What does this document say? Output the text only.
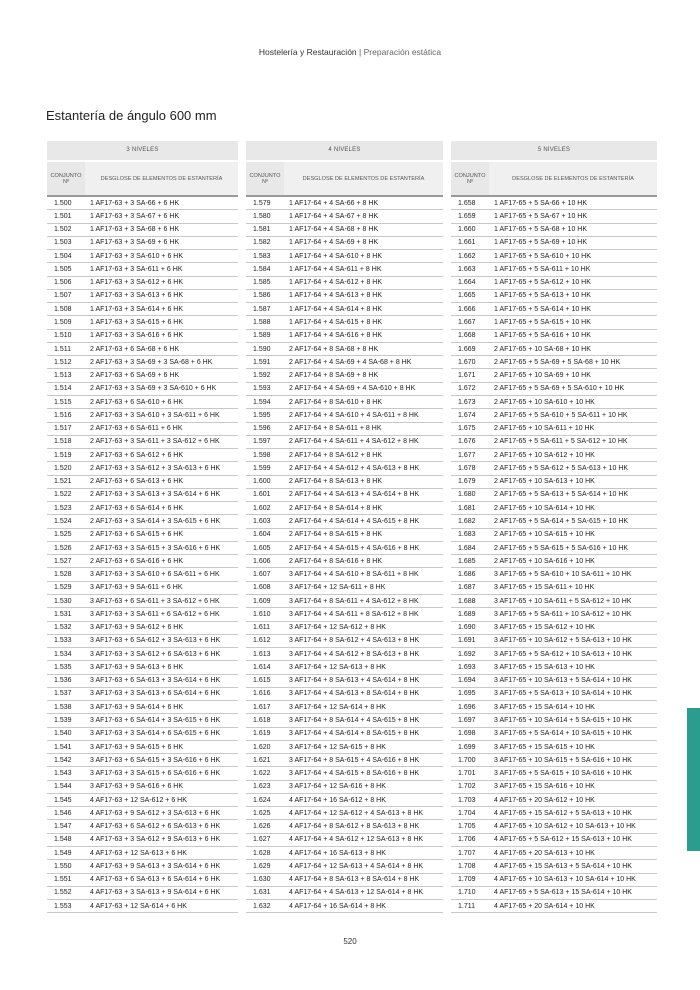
Hostelería y Restauración | Preparación estática
Estantería de ángulo 600 mm
3 NIVELES
CONJUNTO Nº	DESGLOSE DE ELEMENTOS DE ESTANTERÍA
1.500	1 AF17-63 + 3 SA-66 + 6 HK
1.501	1 AF17-63 + 3 SA-67 + 6 HK
1.502	1 AF17-63 + 3 SA-68 + 6 HK
1.503	1 AF17-63 + 3 SA-69 + 6 HK
1.504	1 AF17-63 + 3 SA-610 + 6 HK
1.505	1 AF17-63 + 3 SA-611 + 6 HK
1.506	1 AF17-63 + 3 SA-612 + 6 HK
1.507	1 AF17-63 + 3 SA-613 + 6 HK
1.508	1 AF17-63 + 3 SA-614 + 6 HK
1.509	1 AF17-63 + 3 SA-615 + 6 HK
1.510	1 AF17-63 + 3 SA-616 + 6 HK
1.511	2 AF17-63 + 6 SA-68 + 6 HK
1.512	2 AF17-63 + 3 SA-69 + 3 SA-68 + 6 HK
1.513	2 AF17-63 + 6 SA-69 + 6 HK
1.514	2 AF17-63 + 3 SA-69 + 3 SA-610 + 6 HK
1.515	2 AF17-63 + 6 SA-610 + 6 HK
1.516	2 AF17-63 + 3 SA-610 + 3 SA-611 + 6 HK
1.517	2 AF17-63 + 6 SA-611 + 6 HK
1.518	2 AF17-63 + 3 SA-611 + 3 SA-612 + 6 HK
1.519	2 AF17-63 + 6 SA-612 + 6 HK
1.520	2 AF17-63 + 3 SA-612 + 3 SA-613 + 6 HK
1.521	2 AF17-63 + 6 SA-613 + 6 HK
1.522	2 AF17-63 + 3 SA-613 + 3 SA-614 + 6 HK
1.523	2 AF17-63 + 6 SA-614 + 6 HK
1.524	2 AF17-63 + 3 SA-614 + 3 SA-615 + 6 HK
1.525	2 AF17-63 + 6 SA-615 + 6 HK
1.526	2 AF17-63 + 3 SA-615 + 3 SA-616 + 6 HK
1.527	2 AF17-63 + 6 SA-616 + 6 HK
1.528	3 AF17-63 + 3 SA-610 + 6 SA-611 + 6 HK
1.529	3 AF17-63 + 9 SA-611 + 6 HK
1.530	3 AF17-63 + 6 SA-611 + 3 SA-612 + 6 HK
1.531	3 AF17-63 + 3 SA-611 + 6 SA-612 + 6 HK
1.532	3 AF17-63 + 9 SA-612 + 6 HK
1.533	3 AF17-63 + 6 SA-612 + 3 SA-613 + 6 HK
1.534	3 AF17-63 + 3 SA-612 + 6 SA-613 + 6 HK
1.535	3 AF17-63 + 9 SA-613 + 6 HK
1.536	3 AF17-63 + 6 SA-613 + 3 SA-614 + 6 HK
1.537	3 AF17-63 + 3 SA-613 + 6 SA-614 + 6 HK
1.538	3 AF17-63 + 9 SA-614 + 6 HK
1.539	3 AF17-63 + 6 SA-614 + 3 SA-615 + 6 HK
1.540	3 AF17-63 + 3 SA-614 + 6 SA-615 + 6 HK
1.541	3 AF17-63 + 9 SA-615 + 6 HK
1.542	3 AF17-63 + 6 SA-615 + 3 SA-616 + 6 HK
1.543	3 AF17-63 + 3 SA-615 + 6 SA-616 + 6 HK
1.544	3 AF17-63 + 9 SA-616 + 6 HK
1.545	4 AF17-63 + 12 SA-612 + 6 HK
1.546	4 AF17-63 + 9 SA-612 + 3 SA-613 + 6 HK
1.547	4 AF17-63 + 6 SA-612 + 6 SA-613 + 6 HK
1.548	4 AF17-63 + 3 SA-612 + 9 SA-613 + 6 HK
1.549	4 AF17-63 + 12 SA-613 + 6 HK
1.550	4 AF17-63 + 9 SA-613 + 3 SA-614 + 6 HK
1.551	4 AF17-63 + 6 SA-613 + 6 SA-614 + 6 HK
1.552	4 AF17-63 + 3 SA-613 + 9 SA-614 + 6 HK
1.553	4 AF17-63 + 12 SA-614 + 6 HK
4 NIVELES
CONJUNTO Nº	DESGLOSE DE ELEMENTOS DE ESTANTERÍA
1.579	1 AF17-64 + 4 SA-66 + 8 HK
1.580	1 AF17-64 + 4 SA-67 + 8 HK
1.581	1 AF17-64 + 4 SA-68 + 8 HK
1.582	1 AF17-64 + 4 SA-69 + 8 HK
1.583	1 AF17-64 + 4 SA-610 + 8 HK
1.584	1 AF17-64 + 4 SA-611 + 8 HK
1.585	1 AF17-64 + 4 SA-612 + 8 HK
1.586	1 AF17-64 + 4 SA-613 + 8 HK
1.587	1 AF17-64 + 4 SA-614 + 8 HK
1.588	1 AF17-64 + 4 SA-615 + 8 HK
1.589	1 AF17-64 + 4 SA-616 + 8 HK
1.590	2 AF17-64 + 8 SA-68 + 8 HK
1.591	2 AF17-64 + 4 SA-69 + 4 SA-68 + 8 HK
1.592	2 AF17-64 + 8 SA-69 + 8 HK
1.593	2 AF17-64 + 4 SA-69 + 4 SA-610 + 8 HK
1.594	2 AF17-64 + 8 SA-610 + 8 HK
1.595	2 AF17-64 + 4 SA-610 + 4 SA-611 + 8 HK
1.596	2 AF17-64 + 8 SA-611 + 8 HK
1.597	2 AF17-64 + 4 SA-611 + 4 SA-612 + 8 HK
1.598	2 AF17-64 + 8 SA-612 + 8 HK
1.599	2 AF17-64 + 4 SA-612 + 4 SA-613 + 8 HK
1.600	2 AF17-64 + 8 SA-613 + 8 HK
1.601	2 AF17-64 + 4 SA-613 + 4 SA-614 + 8 HK
1.602	2 AF17-64 + 8 SA-614 + 8 HK
1.603	2 AF17-64 + 4 SA-614 + 4 SA-615 + 8 HK
1.604	2 AF17-64 + 8 SA-615 + 8 HK
1.605	2 AF17-64 + 4 SA-615 + 4 SA-616 + 8 HK
1.606	2 AF17-64 + 8 SA-616 + 8 HK
1.607	3 AF17-64 + 4 SA-610 + 8 SA-611 + 8 HK
1.608	3 AF17-64 + 12 SA-611 + 8 HK
1.609	3 AF17-64 + 8 SA-611 + 4 SA-612 + 8 HK
1.610	3 AF17-64 + 4 SA-611 + 8 SA-612 + 8 HK
1.611	3 AF17-64 + 12 SA-612 + 8 HK
1.612	3 AF17-64 + 8 SA-612 + 4 SA-613 + 8 HK
1.613	3 AF17-64 + 4 SA-612 + 8 SA-613 + 8 HK
1.614	3 AF17-64 + 12 SA-613 + 8 HK
1.615	3 AF17-64 + 8 SA-613 + 4 SA-614 + 8 HK
1.616	3 AF17-64 + 4 SA-613 + 8 SA-614 + 8 HK
1.617	3 AF17-64 + 12 SA-614 + 8 HK
1.618	3 AF17-64 + 8 SA-614 + 4 SA-615 + 8 HK
1.619	3 AF17-64 + 4 SA-614 + 8 SA-615 + 8 HK
1.620	3 AF17-64 + 12 SA-615 + 8 HK
1.621	3 AF17-64 + 8 SA-615 + 4 SA-616 + 8 HK
1.622	3 AF17-64 + 4 SA-615 + 8 SA-616 + 8 HK
1.623	3 AF17-64 + 12 SA-616 + 8 HK
1.624	4 AF17-64 + 16 SA-612 + 8 HK
1.625	4 AF17-64 + 12 SA-612 + 4 SA-613 + 8 HK
1.626	4 AF17-64 + 8 SA-612 + 8 SA-613 + 8 HK
1.627	4 AF17-64 + 4 SA-612 + 12 SA-613 + 8 HK
1.628	4 AF17-64 + 16 SA-613 + 8 HK
1.629	4 AF17-64 + 12 SA-613 + 4 SA-614 + 8 HK
1.630	4 AF17-64 + 8 SA-613 + 8 SA-614 + 8 HK
1.631	4 AF17-64 + 4 SA-613 + 12 SA-614 + 8 HK
1.632	4 AF17-64 + 16 SA-614 + 8 HK
5 NIVELES
CONJUNTO Nº	DESGLOSE DE ELEMENTOS DE ESTANTERÍA
1.658	1 AF17-65 + 5 SA-66 + 10 HK
1.659	1 AF17-65 + 5 SA-67 + 10 HK
1.660	1 AF17-65 + 5 SA-68 + 10 HK
1.661	1 AF17-65 + 5 SA-69 + 10 HK
1.662	1 AF17-65 + 5 SA-610 + 10 HK
1.663	1 AF17-65 + 5 SA-611 + 10 HK
1.664	1 AF17-65 + 5 SA-612 + 10 HK
1.665	1 AF17-65 + 5 SA-613 + 10 HK
1.666	1 AF17-65 + 5 SA-614 + 10 HK
1.667	1 AF17-65 + 5 SA-615 + 10 HK
1.668	1 AF17-65 + 5 SA-616 + 10 HK
1.669	2 AF17-65 + 10 SA-68 + 10 HK
1.670	2 AF17-65 + 5 SA-69 + 5 SA-68 + 10 HK
1.671	2 AF17-65 + 10 SA-69 + 10 HK
1.672	2 AF17-65 + 5 SA-69 + 5 SA-610 + 10 HK
1.673	2 AF17-65 + 10 SA-610 + 10 HK
1.674	2 AF17-65 + 5 SA-610 + 5 SA-611 + 10 HK
1.675	2 AF17-65 + 10 SA-611 + 10 HK
1.676	2 AF17-65 + 5 SA-611 + 5 SA-612 + 10 HK
1.677	2 AF17-65 + 10 SA-612 + 10 HK
1.678	2 AF17-65 + 5 SA-612 + 5 SA-613 + 10 HK
1.679	2 AF17-65 + 10 SA-613 + 10 HK
1.680	2 AF17-65 + 5 SA-613 + 5 SA-614 + 10 HK
1.681	2 AF17-65 + 10 SA-614 + 10 HK
1.682	2 AF17-65 + 5 SA-614 + 5 SA-615 + 10 HK
1.683	2 AF17-65 + 10 SA-615 + 10 HK
1.684	2 AF17-65 + 5 SA-615 + 5 SA-616 + 10 HK
1.685	2 AF17-65 + 10 SA-616 + 10 HK
1.686	3 AF17-65 + 5 SA-610 + 10 SA-611 + 10 HK
1.687	3 AF17-65 + 15 SA-611 + 10 HK
1.688	3 AF17-65 + 10 SA-611 + 5 SA-612 + 10 HK
1.689	3 AF17-65 + 5 SA-611 + 10 SA-612 + 10 HK
1.690	3 AF17-65 + 15 SA-612 + 10 HK
1.691	3 AF17-65 + 10 SA-612 + 5 SA-613 + 10 HK
1.692	3 AF17-65 + 5 SA-612 + 10 SA-613 + 10 HK
1.693	3 AF17-65 + 15 SA-613 + 10 HK
1.694	3 AF17-65 + 10 SA-613 + 5 SA-614 + 10 HK
1.695	3 AF17-65 + 5 SA-613 + 10 SA-614 + 10 HK
1.696	3 AF17-65 + 15 SA-614 + 10 HK
1.697	3 AF17-65 + 10 SA-614 + 5 SA-615 + 10 HK
1.698	3 AF17-65 + 5 SA-614 + 10 SA-615 + 10 HK
1.699	3 AF17-65 + 15 SA-615 + 10 HK
1.700	3 AF17-65 + 10 SA-615 + 5 SA-616 + 10 HK
1.701	3 AF17-65 + 5 SA-615 + 10 SA-616 + 10 HK
1.702	3 AF17-65 + 15 SA-616 + 10 HK
1.703	4 AF17-65 + 20 SA-612 + 10 HK
1.704	4 AF17-65 + 15 SA-612 + 5 SA-613 + 10 HK
1.705	4 AF17-65 + 10 SA-612 + 10 SA-613 + 10 HK
1.706	4 AF17-65 + 5 SA-612 + 15 SA-613 + 10 HK
1.707	4 AF17-65 + 20 SA-613 + 10 HK
1.708	4 AF17-65 + 15 SA-613 + 5 SA-614 + 10 HK
1.709	4 AF17-65 + 10 SA-613 + 10 SA-614 + 10 HK
1.710	4 AF17-65 + 5 SA-613 + 15 SA-614 + 10 HK
1.711	4 AF17-65 + 20 SA-614 + 10 HK
520
